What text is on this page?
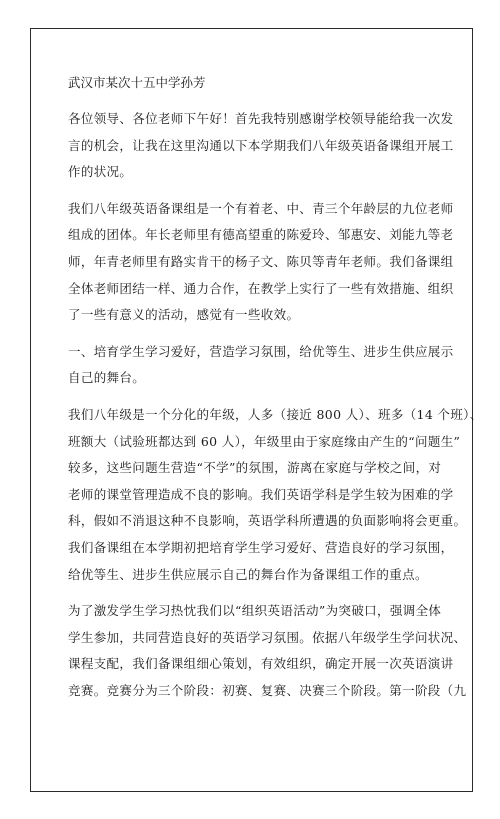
武汉市某次十五中学孙芳
各位领导、各位老师下午好！首先我特别感谢学校领导能给我一次发
言的机会，让我在这里沟通以下本学期我们八年级英语备课组开展工
作的状况。
我们八年级英语备课组是一个有着老、中、青三个年龄层的九位老师
组成的团体。年长老师里有德高望重的陈爱玲、邹惠安、刘能九等老
师，年青老师里有路实肯干的杨子文、陈贝等青年老师。我们备课组
全体老师团结一样、通力合作，在教学上实行了一些有效措施、组织
了一些有意义的活动，感觉有一些收效。
一、培育学生学习爱好，营造学习氛围，给优等生、进步生供应展示
自己的舞台。
我们八年级是一个分化的年级，人多（接近 800 人）、班多（14 个班）、
班额大（试验班都达到 60 人），年级里由于家庭缘由产生的“问题生”
较多，这些问题生营造“不学”的氛围，游离在家庭与学校之间，对
老师的课堂管理造成不良的影响。我们英语学科是学生较为困难的学
科，假如不消退这种不良影响，英语学科所遭遇的负面影响将会更重。
我们备课组在本学期初把培育学生学习爱好、营造良好的学习氛围，
给优等生、进步生供应展示自己的舞台作为备课组工作的重点。
为了激发学生学习热忱我们以“组织英语活动”为突破口，强调全体
学生参加，共同营造良好的英语学习氛围。依据八年级学生学问状况、
课程支配，我们备课组细心策划，有效组织，确定开展一次英语演讲
竞赛。竞赛分为三个阶段：初赛、复赛、决赛三个阶段。第一阶段（九
